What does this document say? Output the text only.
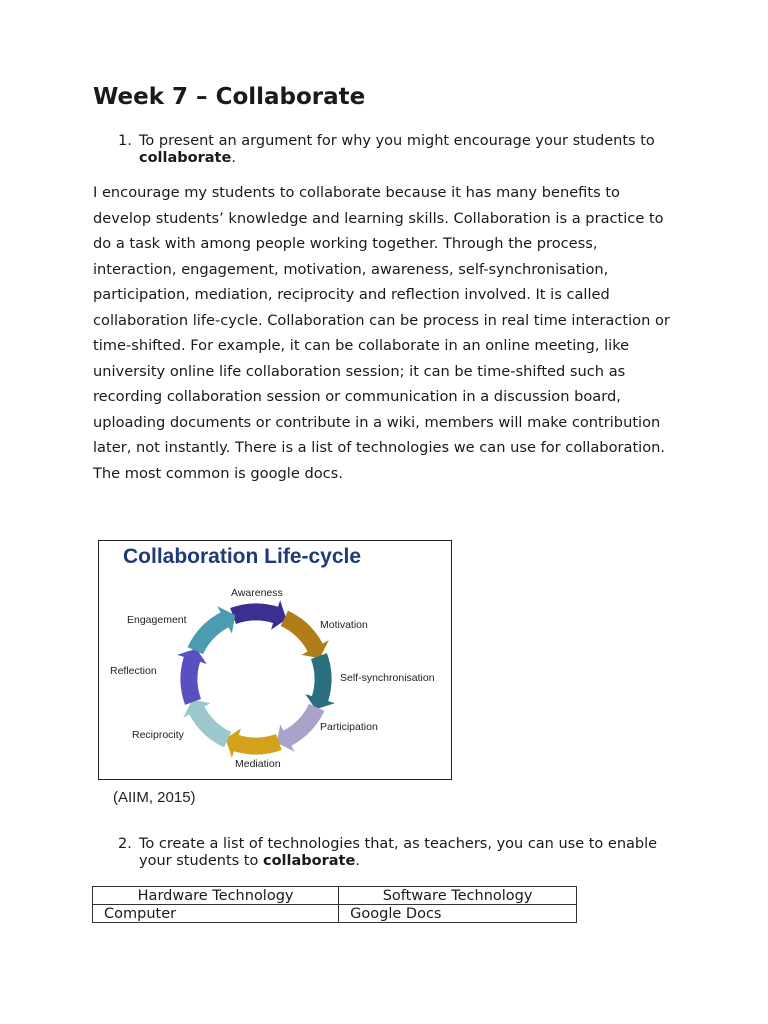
Week 7 – Collaborate
1. To present an argument for why you might encourage your students to collaborate.

I encourage my students to collaborate because it has many benefits to develop students’ knowledge and learning skills. Collaboration is a practice to do a task with among people working together. Through the process, interaction, engagement, motivation, awareness, self-synchronisation, participation, mediation, reciprocity and reflection involved. It is called collaboration life-cycle. Collaboration can be process in real time interaction or time-shifted. For example, it can be collaborate in an online meeting, like university online life collaboration session; it can be time-shifted such as recording collaboration session or communication in a discussion board, uploading documents or contribute in a wiki, members will make contribution later, not instantly. There is a list of technologies we can use for collaboration. The most common is google docs.

Collaboration Life-cycle
Awareness
Motivation
Self-synchronisation
Participation
Mediation
Reciprocity
Reflection
Engagement
(AIIM, 2015)
2. To create a list of technologies that, as teachers, you can use to enable your students to collaborate.
Hardware Technology	Software Technology
Computer	Google Docs
